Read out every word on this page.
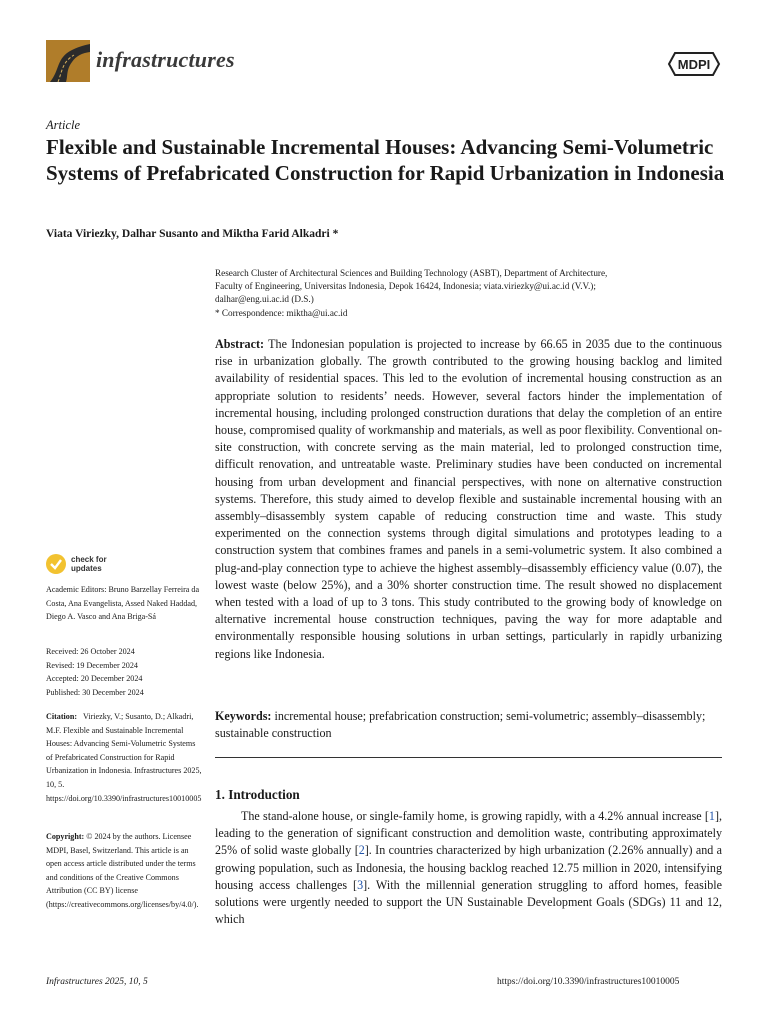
infrastructures	MDPI
Article
Flexible and Sustainable Incremental Houses: Advancing Semi-Volumetric Systems of Prefabricated Construction for Rapid Urbanization in Indonesia
Viata Viriezky, Dalhar Susanto and Miktha Farid Alkadri *

Research Cluster of Architectural Sciences and Building Technology (ASBT), Department of Architecture,

Faculty of Engineering, Universitas Indonesia, Depok 16424, Indonesia; viata.viriezky@ui.ac.id (V.V.);

dalhar@eng.ui.ac.id (D.S.)

* Correspondence: miktha@ui.ac.id

Abstract: The Indonesian population is projected to increase by 66.65 in 2035 due to the continuous rise in urbanization globally. The growth contributed to the growing housing backlog and limited availability of residential spaces. This led to the evolution of incremental housing construction as an appropriate solution to residents’ needs. However, several factors hinder the implementation of incremental housing, including prolonged construction durations that delay the completion of an entire house, compromised quality of workmanship and materials, as well as poor flexibility. Conventional on-site construction, with concrete serving as the main material, led to prolonged construction time, difficult renovation, and untreatable waste. Preliminary studies have been conducted on incremental housing from urban development and financial perspectives, with none on alternative construction systems. Therefore, this study aimed to develop flexible and sustainable incremental housing with an assembly–disassembly system capable of reducing construction time and waste. This study experimented on the connection systems through digital simulations and prototypes leading to a construction system that combines frames and panels in a semi-volumetric system. It also combined a plug-and-play connection type to achieve the highest assembly–disassembly efficiency value (0.07), the lowest waste (below 25%), and a 30% shorter construction time. The result showed no displacement when tested with a load of up to 3 tons. This study contributed to the growing body of knowledge on alternative incremental house construction techniques, paving the way for more adaptable and environmentally responsible housing solutions in urban settings, particularly in rapidly urbanizing regions like Indonesia.
Keywords: incremental house; prefabrication construction; semi-volumetric; assembly–disassembly; sustainable construction
1. Introduction
The stand-alone house, or single-family home, is growing rapidly, with a 4.2% annual increase [1], leading to the generation of significant construction and demolition waste, contributing approximately 25% of solid waste globally [2]. In countries characterized by high urbanization (2.26% annually) and a growing population, such as Indonesia, the housing backlog reached 12.75 million in 2020, intensifying housing access challenges [3]. With the millennial generation struggling to afford homes, feasible solutions were urgently needed to support the UN Sustainable Development Goals (SDGs) 11 and 12, which
check for
updates

Academic Editors: Bruno Barzellay Ferreira da Costa, Ana Evangelista, Assed Naked Haddad, Diego A. Vasco and Ana Briga-Sá

Received: 26 October 2024

Revised: 19 December 2024

Accepted: 20 December 2024

Published: 30 December 2024

Citation: Viriezky, V.; Susanto, D.; Alkadri, M.F. Flexible and Sustainable Incremental Houses: Advancing Semi-Volumetric Systems of Prefabricated Construction for Rapid Urbanization in Indonesia. Infrastructures 2025, 10, 5. https://doi.org/10.3390/infrastructures10010005

Copyright: © 2024 by the authors. Licensee MDPI, Basel, Switzerland. This article is an open access article distributed under the terms and conditions of the Creative Commons Attribution (CC BY) license (https://creativecommons.org/licenses/by/4.0/).

Infrastructures 2025, 10, 5	https://doi.org/10.3390/infrastructures10010005
